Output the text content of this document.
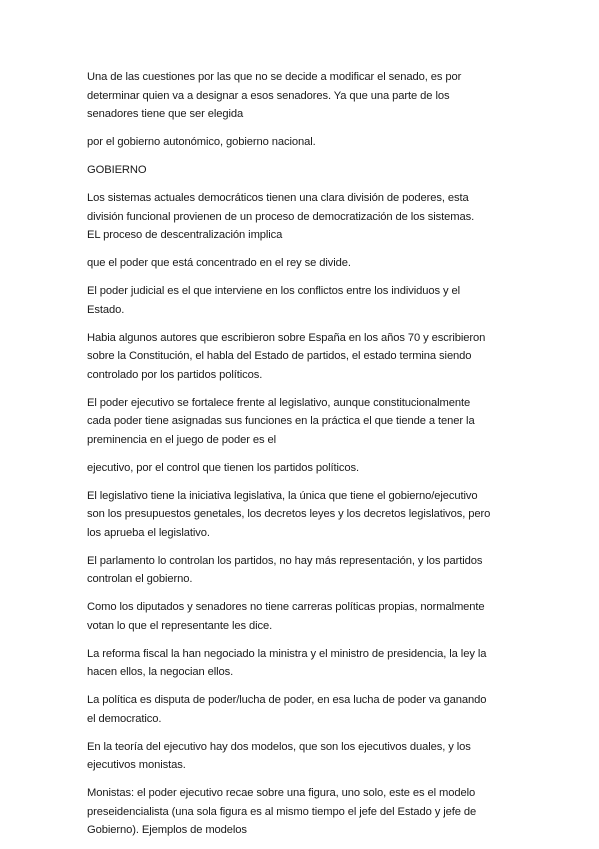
Una de las cuestiones por las que no se decide a modificar el senado, es por
determinar quien va a designar a esos senadores. Ya que una parte de los
senadores tiene que ser elegida

por el gobierno autonómico, gobierno nacional.

GOBIERNO

Los sistemas actuales democráticos tienen una clara división de poderes, esta
división funcional provienen de un proceso de democratización de los sistemas.
EL proceso de descentralización implica

que el poder que está concentrado en el rey se divide.

El poder judicial es el que interviene en los conflictos entre los individuos y el
Estado.

Habia algunos autores que escribieron sobre España en los años 70 y escribieron
sobre la Constitución, el habla del Estado de partidos, el estado termina siendo
controlado por los partidos políticos.

El poder ejecutivo se fortalece frente al legislativo, aunque constitucionalmente
cada poder tiene asignadas sus funciones en la práctica el que tiende a tener la
preminencia en el juego de poder es el

ejecutivo, por el control que tienen los partidos políticos.

El legislativo tiene la iniciativa legislativa, la única que tiene el gobierno/ejecutivo
son los presupuestos genetales, los decretos leyes y los decretos legislativos, pero
los aprueba el legislativo.

El parlamento lo controlan los partidos, no hay más representación, y los partidos
controlan el gobierno.

Como los diputados y senadores no tiene carreras políticas propias, normalmente
votan lo que el representante les dice.

La reforma fiscal la han negociado la ministra y el ministro de presidencia, la ley la
hacen ellos, la negocian ellos.

La política es disputa de poder/lucha de poder, en esa lucha de poder va ganando
el democratico.

En la teoría del ejecutivo hay dos modelos, que son los ejecutivos duales, y los
ejecutivos monistas.

Monistas: el poder ejecutivo recae sobre una figura, uno solo, este es el modelo
preseidencialista (una sola figura es al mismo tiempo el jefe del Estado y jefe de
Gobierno). Ejemplos de modelos
